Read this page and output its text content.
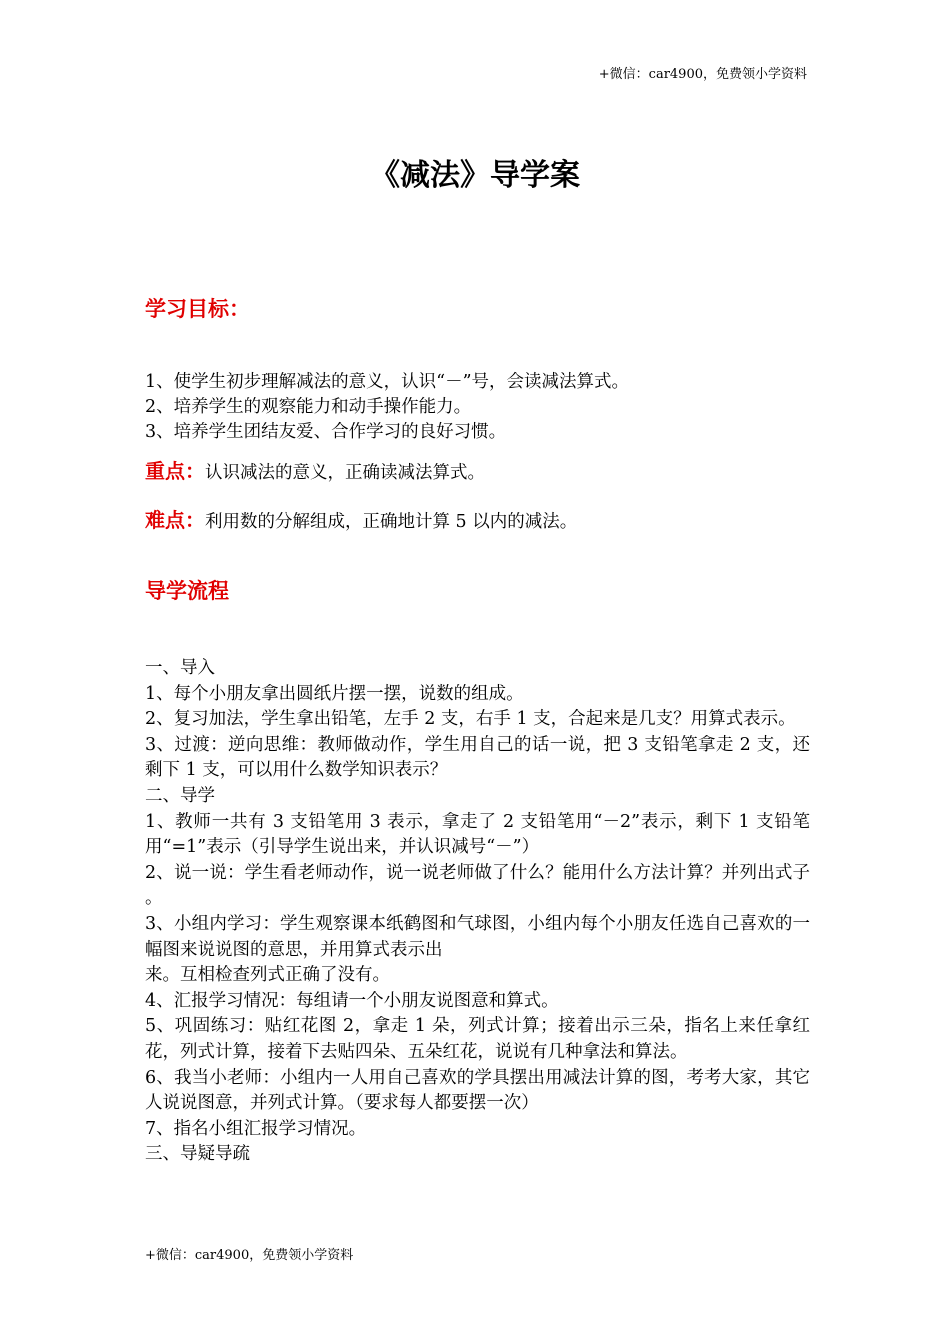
+微信：car4900，免费领小学资料
《减法》导学案
学习目标：
1、使学生初步理解减法的意义，认识“－”号，会读减法算式。
2、培养学生的观察能力和动手操作能力。
3、培养学生团结友爱、合作学习的良好习惯。
重点：认识减法的意义，正确读减法算式。
难点：利用数的分解组成，正确地计算 5 以内的减法。
导学流程
一、导入
1、每个小朋友拿出圆纸片摆一摆，说数的组成。
2、复习加法，学生拿出铅笔，左手 2 支，右手 1 支，合起来是几支？用算式表示。
3、过渡：逆向思维：教师做动作，学生用自己的话一说，把 3 支铅笔拿走 2 支，还剩下 1 支，可以用什么数学知识表示？
二、导学
1、教师一共有 3 支铅笔用 3 表示，拿走了 2 支铅笔用“－2”表示，剩下 1 支铅笔用“=1”表示（引导学生说出来，并认识减号“－”）
2、说一说：学生看老师动作，说一说老师做了什么？能用什么方法计算？并列出式子 。
3、小组内学习：学生观察课本纸鹤图和气球图，小组内每个小朋友任选自己喜欢的一幅图来说说图的意思，并用算式表示出
来。互相检查列式正确了没有。
4、汇报学习情况：每组请一个小朋友说图意和算式。
5、巩固练习：贴红花图 2，拿走 1 朵，列式计算；接着出示三朵，指名上来任拿红花，列式计算，接着下去贴四朵、五朵红花，说说有几种拿法和算法。
6、我当小老师：小组内一人用自己喜欢的学具摆出用减法计算的图，考考大家，其它人说说图意，并列式计算。（要求每人都要摆一次）
7、指名小组汇报学习情况。
三、导疑导疏
+微信：car4900，免费领小学资料
